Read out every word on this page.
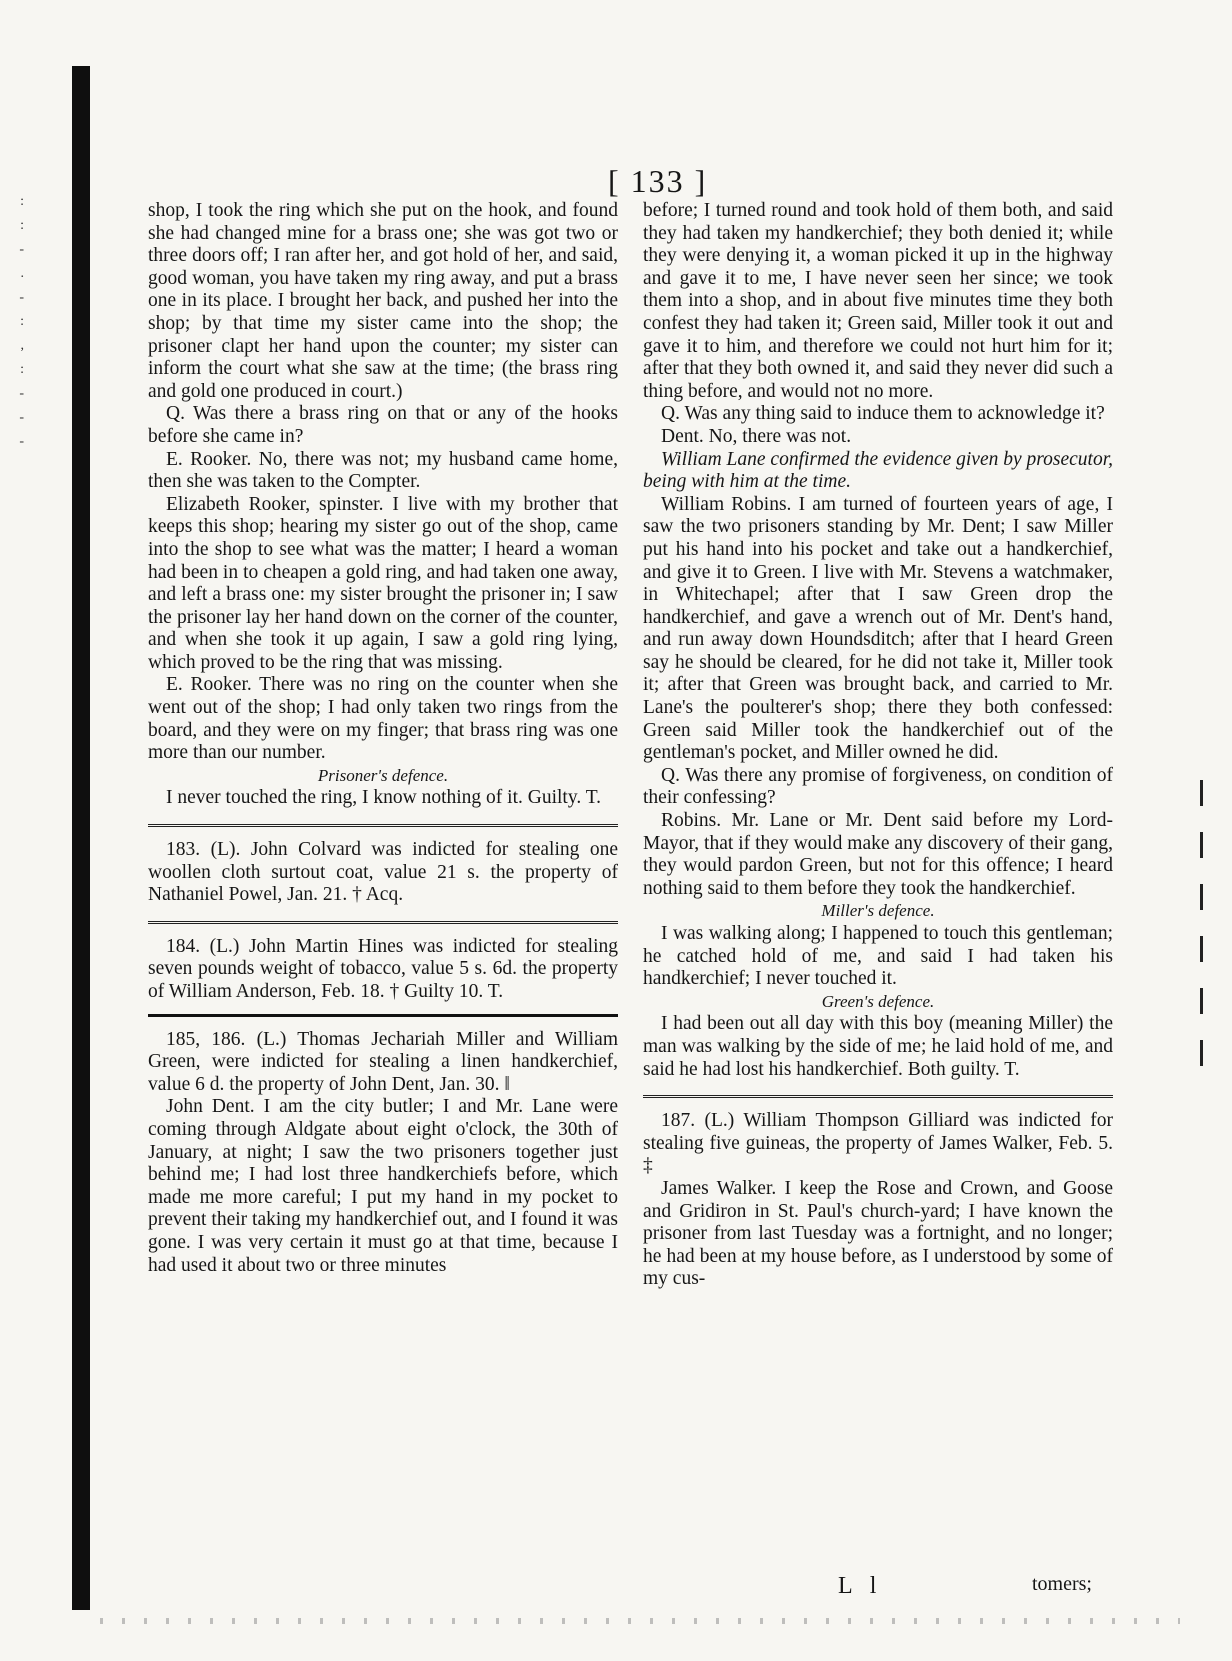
:
:
-
.
-
:
,
:
-
-
-
[ 133 ]

shop, I took the ring which she put on the hook, and found she had changed mine for a brass one; she was got two or three doors off; I ran after her, and got hold of her, and said, good woman, you have taken my ring away, and put a brass one in its place. I brought her back, and pushed her into the shop; by that time my sister came into the shop; the prisoner clapt her hand upon the counter; my sister can inform the court what she saw at the time; (the brass ring and gold one produced in court.)

Q. Was there a brass ring on that or any of the hooks before she came in?

E. Rooker. No, there was not; my husband came home, then she was taken to the Compter.

Elizabeth Rooker, spinster. I live with my brother that keeps this shop; hearing my sister go out of the shop, came into the shop to see what was the matter; I heard a woman had been in to cheapen a gold ring, and had taken one away, and left a brass one: my sister brought the prisoner in; I saw the prisoner lay her hand down on the corner of the counter, and when she took it up again, I saw a gold ring lying, which proved to be the ring that was missing.

E. Rooker. There was no ring on the counter when she went out of the shop; I had only taken two rings from the board, and they were on my finger; that brass ring was one more than our number.

Prisoner's defence.

I never touched the ring, I know nothing of it. Guilty. T.

183. (L). John Colvard was indicted for stealing one woollen cloth surtout coat, value 21 s. the property of Nathaniel Powel, Jan. 21. † Acq.

184. (L.) John Martin Hines was indicted for stealing seven pounds weight of tobacco, value 5 s. 6d. the property of William Anderson, Feb. 18. † Guilty 10. T.

185, 186. (L.) Thomas Jechariah Miller and William Green, were indicted for stealing a linen handkerchief, value 6 d. the property of John Dent, Jan. 30. ‖

John Dent. I am the city butler; I and Mr. Lane were coming through Aldgate about eight o'clock, the 30th of January, at night; I saw the two prisoners together just behind me; I had lost three handkerchiefs before, which made me more careful; I put my hand in my pocket to prevent their taking my handkerchief out, and I found it was gone. I was very certain it must go at that time, because I had used it about two or three minutes

before; I turned round and took hold of them both, and said they had taken my handkerchief; they both denied it; while they were denying it, a woman picked it up in the highway and gave it to me, I have never seen her since; we took them into a shop, and in about five minutes time they both confest they had taken it; Green said, Miller took it out and gave it to him, and therefore we could not hurt him for it; after that they both owned it, and said they never did such a thing before, and would not no more.

Q. Was any thing said to induce them to acknowledge it?

Dent. No, there was not.

William Lane confirmed the evidence given by prosecutor, being with him at the time.

William Robins. I am turned of fourteen years of age, I saw the two prisoners standing by Mr. Dent; I saw Miller put his hand into his pocket and take out a handkerchief, and give it to Green. I live with Mr. Stevens a watchmaker, in Whitechapel; after that I saw Green drop the handkerchief, and gave a wrench out of Mr. Dent's hand, and run away down Houndsditch; after that I heard Green say he should be cleared, for he did not take it, Miller took it; after that Green was brought back, and carried to Mr. Lane's the poulterer's shop; there they both confessed: Green said Miller took the handkerchief out of the gentleman's pocket, and Miller owned he did.

Q. Was there any promise of forgiveness, on condition of their confessing?

Robins. Mr. Lane or Mr. Dent said before my Lord-Mayor, that if they would make any discovery of their gang, they would pardon Green, but not for this offence; I heard nothing said to them before they took the handkerchief.

Miller's defence.

I was walking along; I happened to touch this gentleman; he catched hold of me, and said I had taken his handkerchief; I never touched it.

Green's defence.

I had been out all day with this boy (meaning Miller) the man was walking by the side of me; he laid hold of me, and said he had lost his handkerchief. Both guilty. T.

187. (L.) William Thompson Gilliard was indicted for stealing five guineas, the property of James Walker, Feb. 5. ‡

James Walker. I keep the Rose and Crown, and Goose and Gridiron in St. Paul's church-yard; I have known the prisoner from last Tuesday was a fortnight, and no longer; he had been at my house before, as I understood by some of my cus-

L l	tomers;
